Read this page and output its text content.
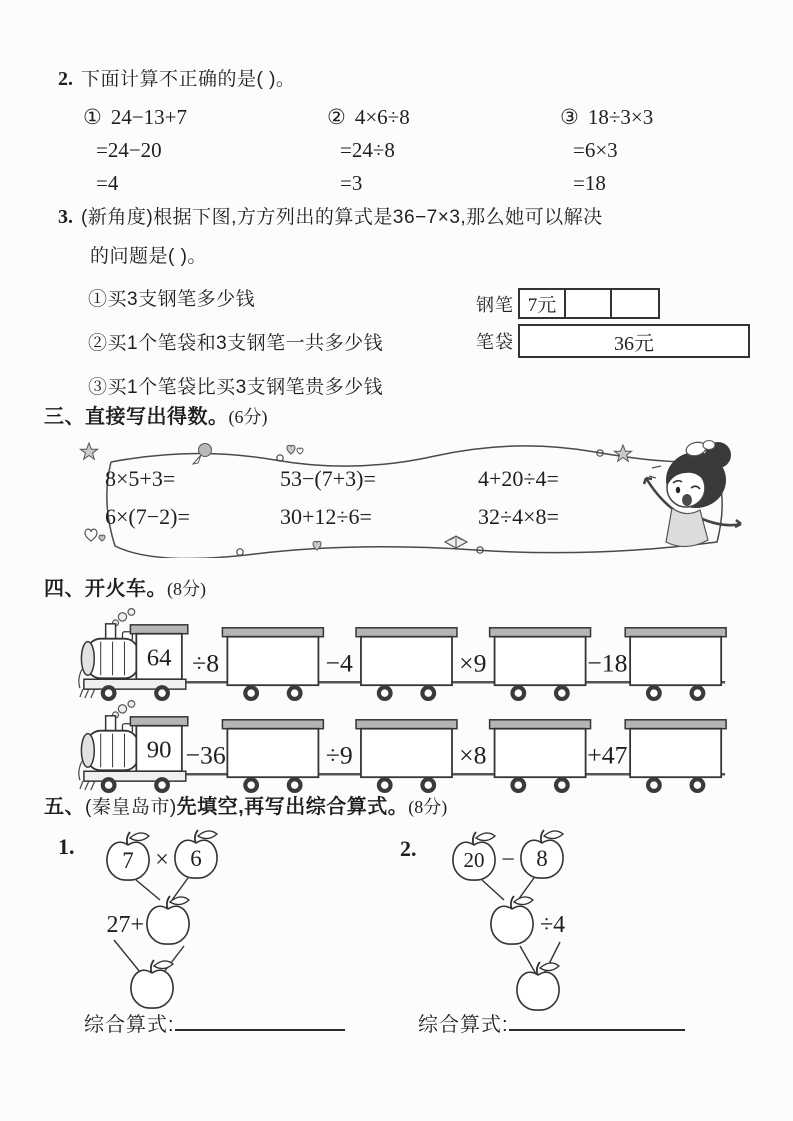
2. 下面计算不正确的是( )。
① 24−13+7
=24−20
=4
② 4×6÷8
=24÷8
=3
③ 18÷3×3
=6×3
=18
3. (新角度)根据下图,方方列出的算式是36−7×3,那么她可以解决
的问题是( )。
①买3支钢笔多少钱
②买1个笔袋和3支钢笔一共多少钱
③买1个笔袋比买3支钢笔贵多少钱
钢笔 7元
笔袋	36元
三、直接写出得数。(6分)
8×5+3=	53−(7+3)=	4+20÷4=
6×(7−2)=	30+12÷6=	32÷4×8=
四、开火车。(8分)
64 ÷8	−4	×9	−18
90 −36	÷9	×8	+47
五、(秦皇岛市)先填空,再写出综合算式。(8分)
1.
7 × 6
27+
2. 20 − 8
÷4
综合算式:	综合算式:
